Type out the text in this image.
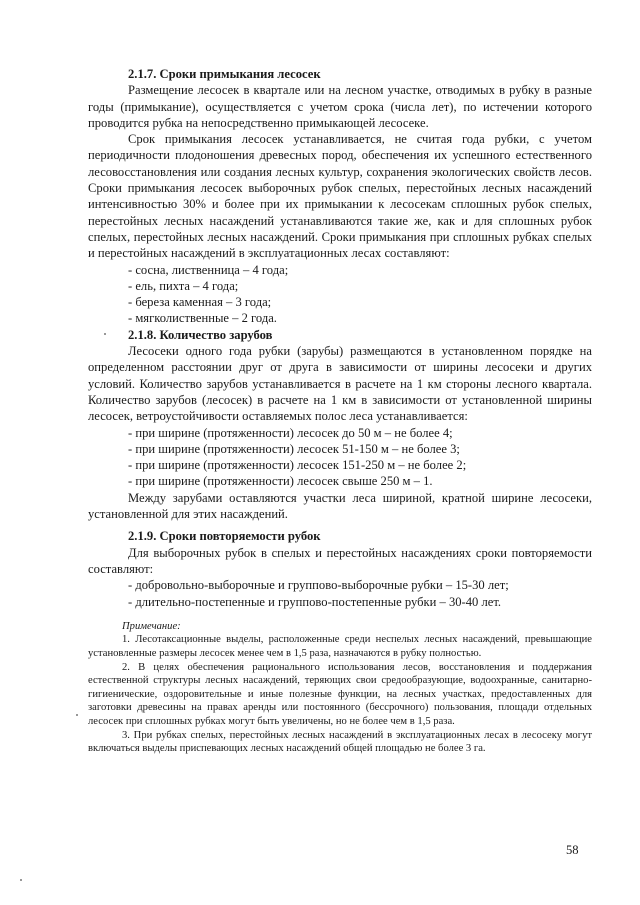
2.1.7. Сроки примыкания лесосек

Размещение лесосек в квартале или на лесном участке, отводимых в рубку в разные годы (примыкание), осуществляется с учетом срока (числа лет), по истечении которого проводится рубка на непосредственно примыкающей лесосеке.

Срок примыкания лесосек устанавливается, не считая года рубки, с учетом периодичности плодоношения древесных пород, обеспечения их успешного естественного лесовосстановления или создания лесных культур, сохранения экологических свойств лесов. Сроки примыкания лесосек выборочных рубок спелых, перестойных лесных насаждений интенсивностью 30% и более при их примыкании к лесосекам сплошных рубок спелых, перестойных лесных насаждений устанавливаются такие же, как и для сплошных рубок спелых, перестойных лесных насаждений. Сроки примыкания при сплошных рубках спелых и перестойных насаждений в эксплуатационных лесах составляют:

- сосна, лиственница – 4 года;

- ель, пихта – 4 года;

- береза каменная – 3 года;

- мягколиственные – 2 года.

2.1.8. Количество зарубов

Лесосеки одного года рубки (зарубы) размещаются в установленном порядке на определенном расстоянии друг от друга в зависимости от ширины лесосеки и других условий. Количество зарубов устанавливается в расчете на 1 км стороны лесного квартала. Количество зарубов (лесосек) в расчете на 1 км в зависимости от установленной ширины лесосек, ветроустойчивости оставляемых полос леса устанавливается:

- при ширине (протяженности) лесосек до 50 м – не более 4;

- при ширине (протяженности) лесосек 51-150 м – не более 3;

- при ширине (протяженности) лесосек 151-250 м – не более 2;

- при ширине (протяженности) лесосек свыше 250 м – 1.

Между зарубами оставляются участки леса шириной, кратной ширине лесосеки, установленной для этих насаждений.

2.1.9. Сроки повторяемости рубок

Для выборочных рубок в спелых и перестойных насаждениях сроки повторяемости составляют:

- добровольно-выборочные и группово-выборочные рубки – 15-30 лет;

- длительно-постепенные и группово-постепенные рубки – 30-40 лет.

Примечание:

1. Лесотаксационные выделы, расположенные среди неспелых лесных насаждений, превышающие установленные размеры лесосек менее чем в 1,5 раза, назначаются в рубку полностью.

2. В целях обеспечения рационального использования лесов, восстановления и поддержания естественной структуры лесных насаждений, теряющих свои средообразующие, водоохранные, санитарно-гигиенические, оздоровительные и иные полезные функции, на лесных участках, предоставленных для заготовки древесины на правах аренды или постоянного (бессрочного) пользования, площади отдельных лесосек при сплошных рубках могут быть увеличены, но не более чем в 1,5 раза.

3. При рубках спелых, перестойных лесных насаждений в эксплуатационных лесах в лесосеку могут включаться выделы приспевающих лесных насаждений общей площадью не более 3 га.

58
